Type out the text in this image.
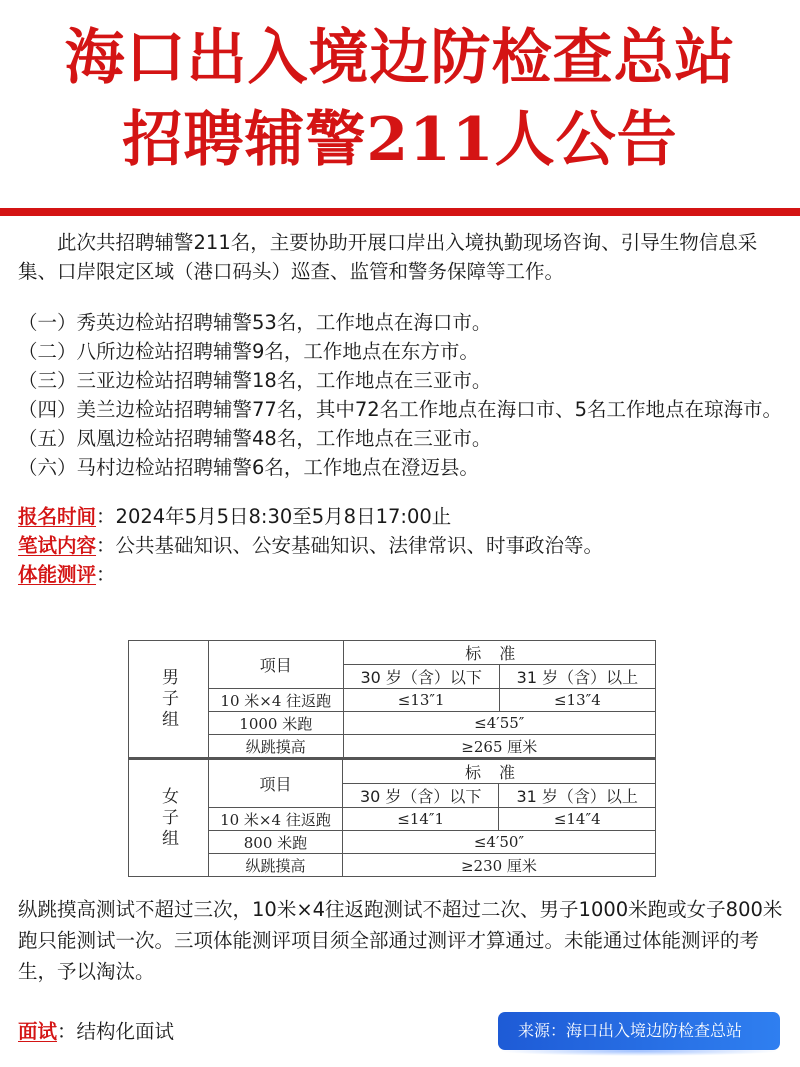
海口出入境边防检查总站
招聘辅警211人公告

此次共招聘辅警211名，主要协助开展口岸出入境执勤现场咨询、引导生物信息采集、口岸限定区域（港口码头）巡查、监管和警务保障等工作。

（一）秀英边检站招聘辅警53名，工作地点在海口市。

（二）八所边检站招聘辅警9名，工作地点在东方市。

（三）三亚边检站招聘辅警18名，工作地点在三亚市。

（四）美兰边检站招聘辅警77名，其中72名工作地点在海口市、5名工作地点在琼海市。

（五）凤凰边检站招聘辅警48名，工作地点在三亚市。

（六）马村边检站招聘辅警6名，工作地点在澄迈县。

报名时间：2024年5月5日8:30至5月8日17:00止

笔试内容：公共基础知识、公安基础知识、法律常识、时事政治等。

体能测评：

男子组	项目	标准	
		30 岁（含）以下	31 岁（含）以上
	10 米×4 往返跑	≤13″1	≤13″4
	1000 米跑	≤4′55″	
	纵跳摸高	≥265 厘米	
女子组	项目	标准	
		30 岁（含）以下	31 岁（含）以上
	10 米×4 往返跑	≤14″1	≤14″4
	800 米跑	≤4′50″	
	纵跳摸高	≥230 厘米	

纵跳摸高测试不超过三次，10米×4往返跑测试不超过二次、男子1000米跑或女子800米跑只能测试一次。三项体能测评项目须全部通过测评才算通过。未能通过体能测评的考生，予以淘汰。

面试：结构化面试	来源：海口出入境边防检查总站
